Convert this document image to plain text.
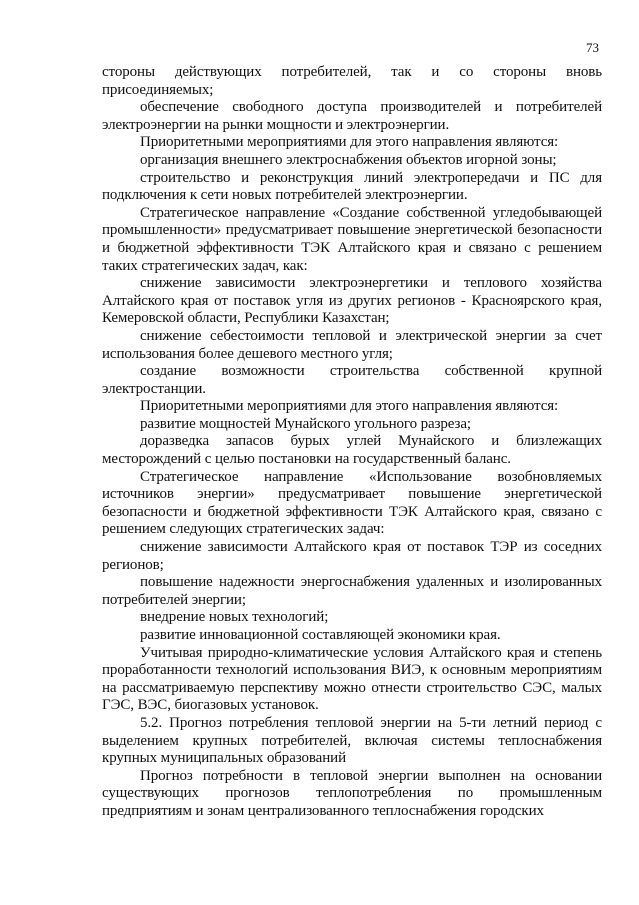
73

стороны действующих потребителей, так и со стороны вновь присоединяемых;

обеспечение свободного доступа производителей и потребителей электроэнергии на рынки мощности и электроэнергии.

Приоритетными мероприятиями для этого направления являются:

организация внешнего электроснабжения объектов игорной зоны;

строительство и реконструкция линий электропередачи и ПС для подключения к сети новых потребителей электроэнергии.

Стратегическое направление «Создание собственной угледобывающей промышленности» предусматривает повышение энергетической безопасности и бюджетной эффективности ТЭК Алтайского края и связано с решением таких стратегических задач, как:

снижение зависимости электроэнергетики и теплового хозяйства Алтайского края от поставок угля из других регионов - Красноярского края, Кемеровской области, Республики Казахстан;

снижение себестоимости тепловой и электрической энергии за счет использования более дешевого местного угля;

создание возможности строительства собственной крупной электростанции.

Приоритетными мероприятиями для этого направления являются:

развитие мощностей Мунайского угольного разреза;

доразведка запасов бурых углей Мунайского и близлежащих месторождений с целью постановки на государственный баланс.

Стратегическое направление «Использование возобновляемых источников энергии» предусматривает повышение энергетической безопасности и бюджетной эффективности ТЭК Алтайского края, связано с решением следующих стратегических задач:

снижение зависимости Алтайского края от поставок ТЭР из соседних регионов;

повышение надежности энергоснабжения удаленных и изолированных потребителей энергии;

внедрение новых технологий;

развитие инновационной составляющей экономики края.

Учитывая природно-климатические условия Алтайского края и степень проработанности технологий использования ВИЭ, к основным мероприятиям на рассматриваемую перспективу можно отнести строительство СЭС, малых ГЭС, ВЭС, биогазовых установок.

5.2. Прогноз потребления тепловой энергии на 5-ти летний период с выделением крупных потребителей, включая системы теплоснабжения крупных муниципальных образований

Прогноз потребности в тепловой энергии выполнен на основании существующих прогнозов теплопотребления по промышленным предприятиям и зонам централизованного теплоснабжения городских
